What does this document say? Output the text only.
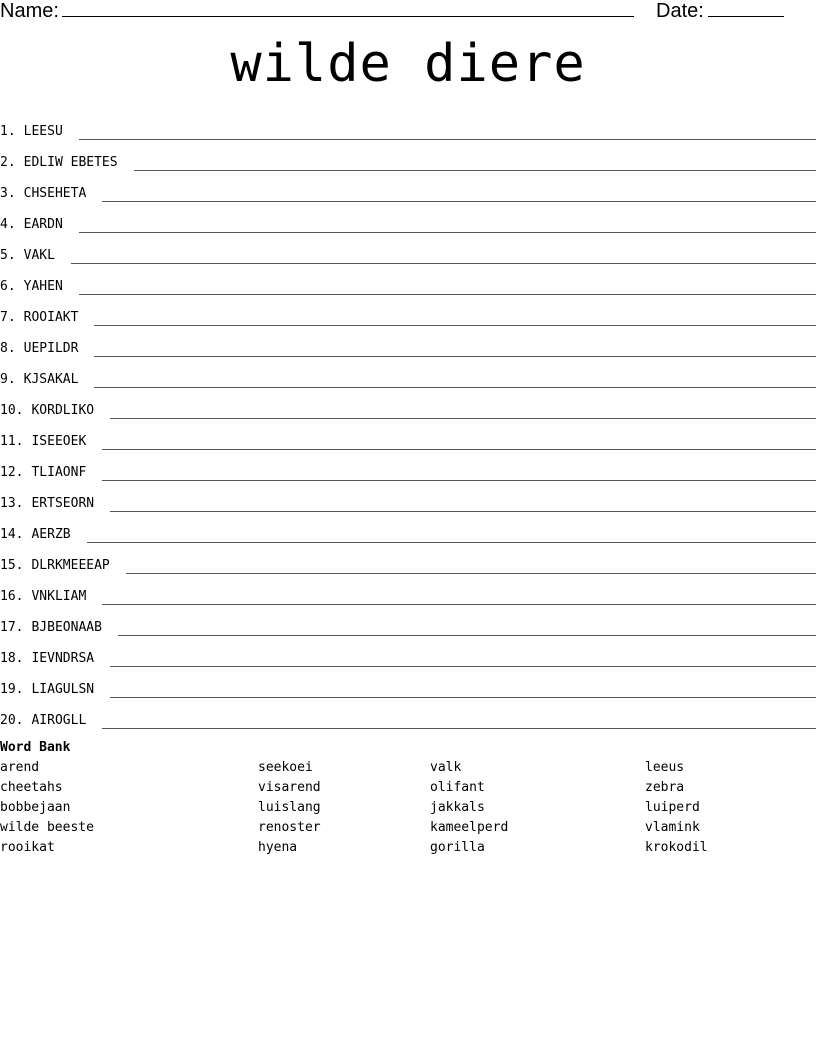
Name:	Date:
wilde diere
1. LEESU
2. EDLIW EBETES
3. CHSEHETA
4. EARDN
5. VAKL
6. YAHEN
7. ROOIAKT
8. UEPILDR
9. KJSAKAL
10. KORDLIKO
11. ISEEOEK
12. TLIAONF
13. ERTSEORN
14. AERZB
15. DLRKMEEEAP
16. VNKLIAM
17. BJBEONAAB
18. IEVNDRSA
19. LIAGULSN
20. AIROGLL
Word Bank
arend
cheetahs
bobbejaan
wilde beeste
rooikat
seekoei
visarend
luislang
renoster
hyena
valk
olifant
jakkals
kameelperd
gorilla
leeus
zebra
luiperd
vlamink
krokodil
